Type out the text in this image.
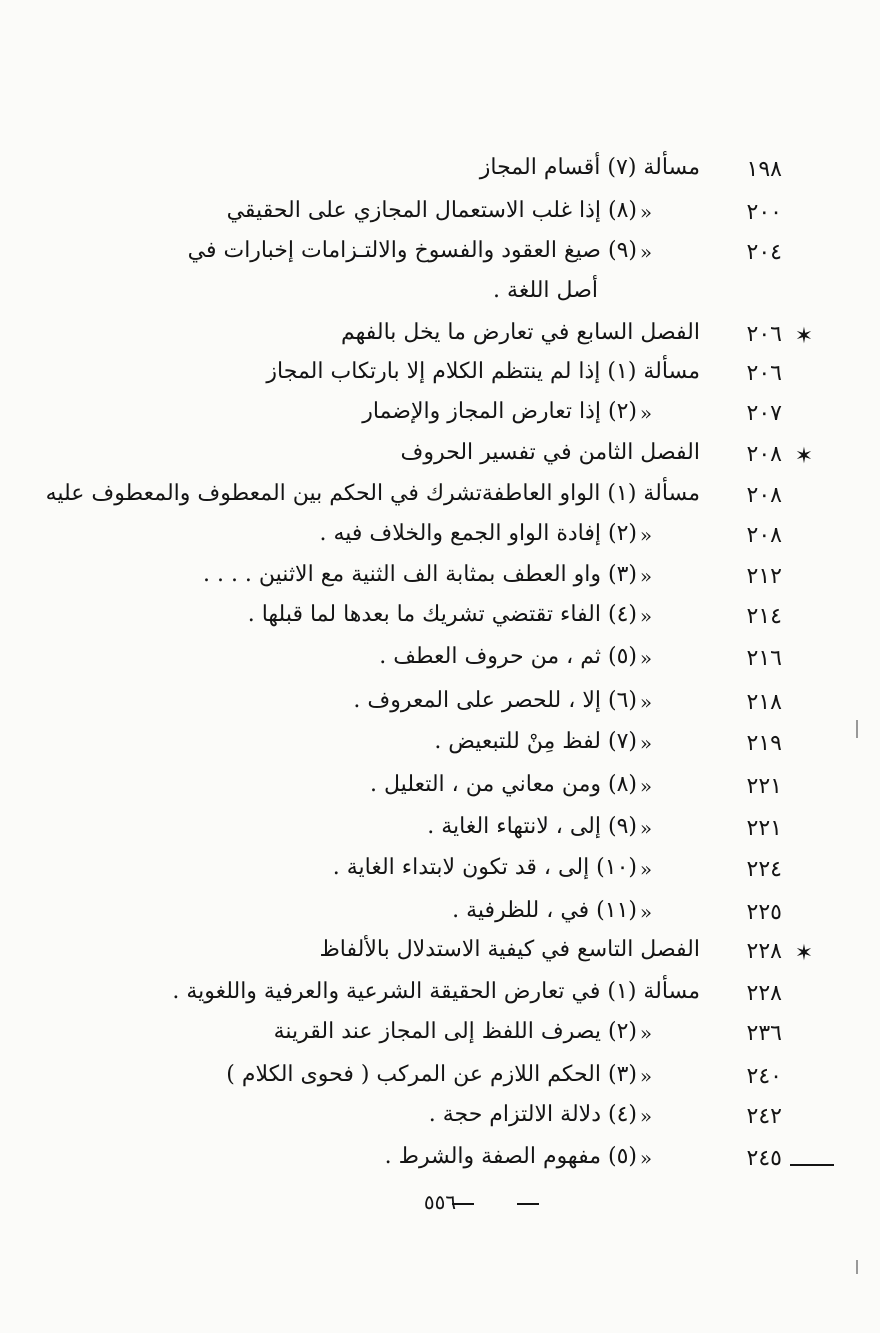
١٩٨
مسألة (٧) أقسام المجاز
٢٠٠
«
(٨) إذا غلب الاستعمال المجازي على الحقيقي
٢٠٤
«
(٩) صيغ العقود والفسوخ والالتـزامات إخبارات في
أصل اللغة .
٢٠٦ ✶
الفصل السابع في تعارض ما يخل بالفهم
٢٠٦
مسألة (١) إذا لم ينتظم الكلام إلا بارتكاب المجاز
٢٠٧
«
(٢) إذا تعارض المجاز والإضمار
٢٠٨ ✶
الفصل الثامن في تفسير الحروف
٢٠٨
مسألة (١) الواو العاطفةتشرك في الحكم بين المعطوف والمعطوف عليه
٢٠٨
«
(٢) إفادة الواو الجمع والخلاف فيه .
٢١٢
«
(٣) واو العطف بمثابة الف الثنية مع الاثنين . . . .
٢١٤
«
(٤) الفاء تقتضي تشريك ما بعدها لما قبلها .
٢١٦
«
(٥) ثم ، من حروف العطف .
٢١٨
«
(٦) إلا ، للحصر على المعروف .
٢١٩
«
(٧) لفظ مِنْ للتبعيض .
٢٢١
«
(٨) ومن معاني من ، التعليل .
٢٢١
«
(٩) إلى ، لانتهاء الغاية .
٢٢٤
«
(١٠) إلى ، قد تكون لابتداء الغاية .
٢٢٥
«
(١١) في ، للظرفية .
٢٢٨ ✶
الفصل التاسع في كيفية الاستدلال بالألفاظ
٢٢٨
مسألة (١) في تعارض الحقيقة الشرعية والعرفية واللغوية .
٢٣٦
«
(٢) يصرف اللفظ إلى المجاز عند القرينة
٢٤٠
«
(٣) الحكم اللازم عن المركب ( فحوى الكلام )
٢٤٢
«
(٤) دلالة الالتزام حجة .
٢٤٥
«
(٥) مفهوم الصفة والشرط .
٥٥٦
